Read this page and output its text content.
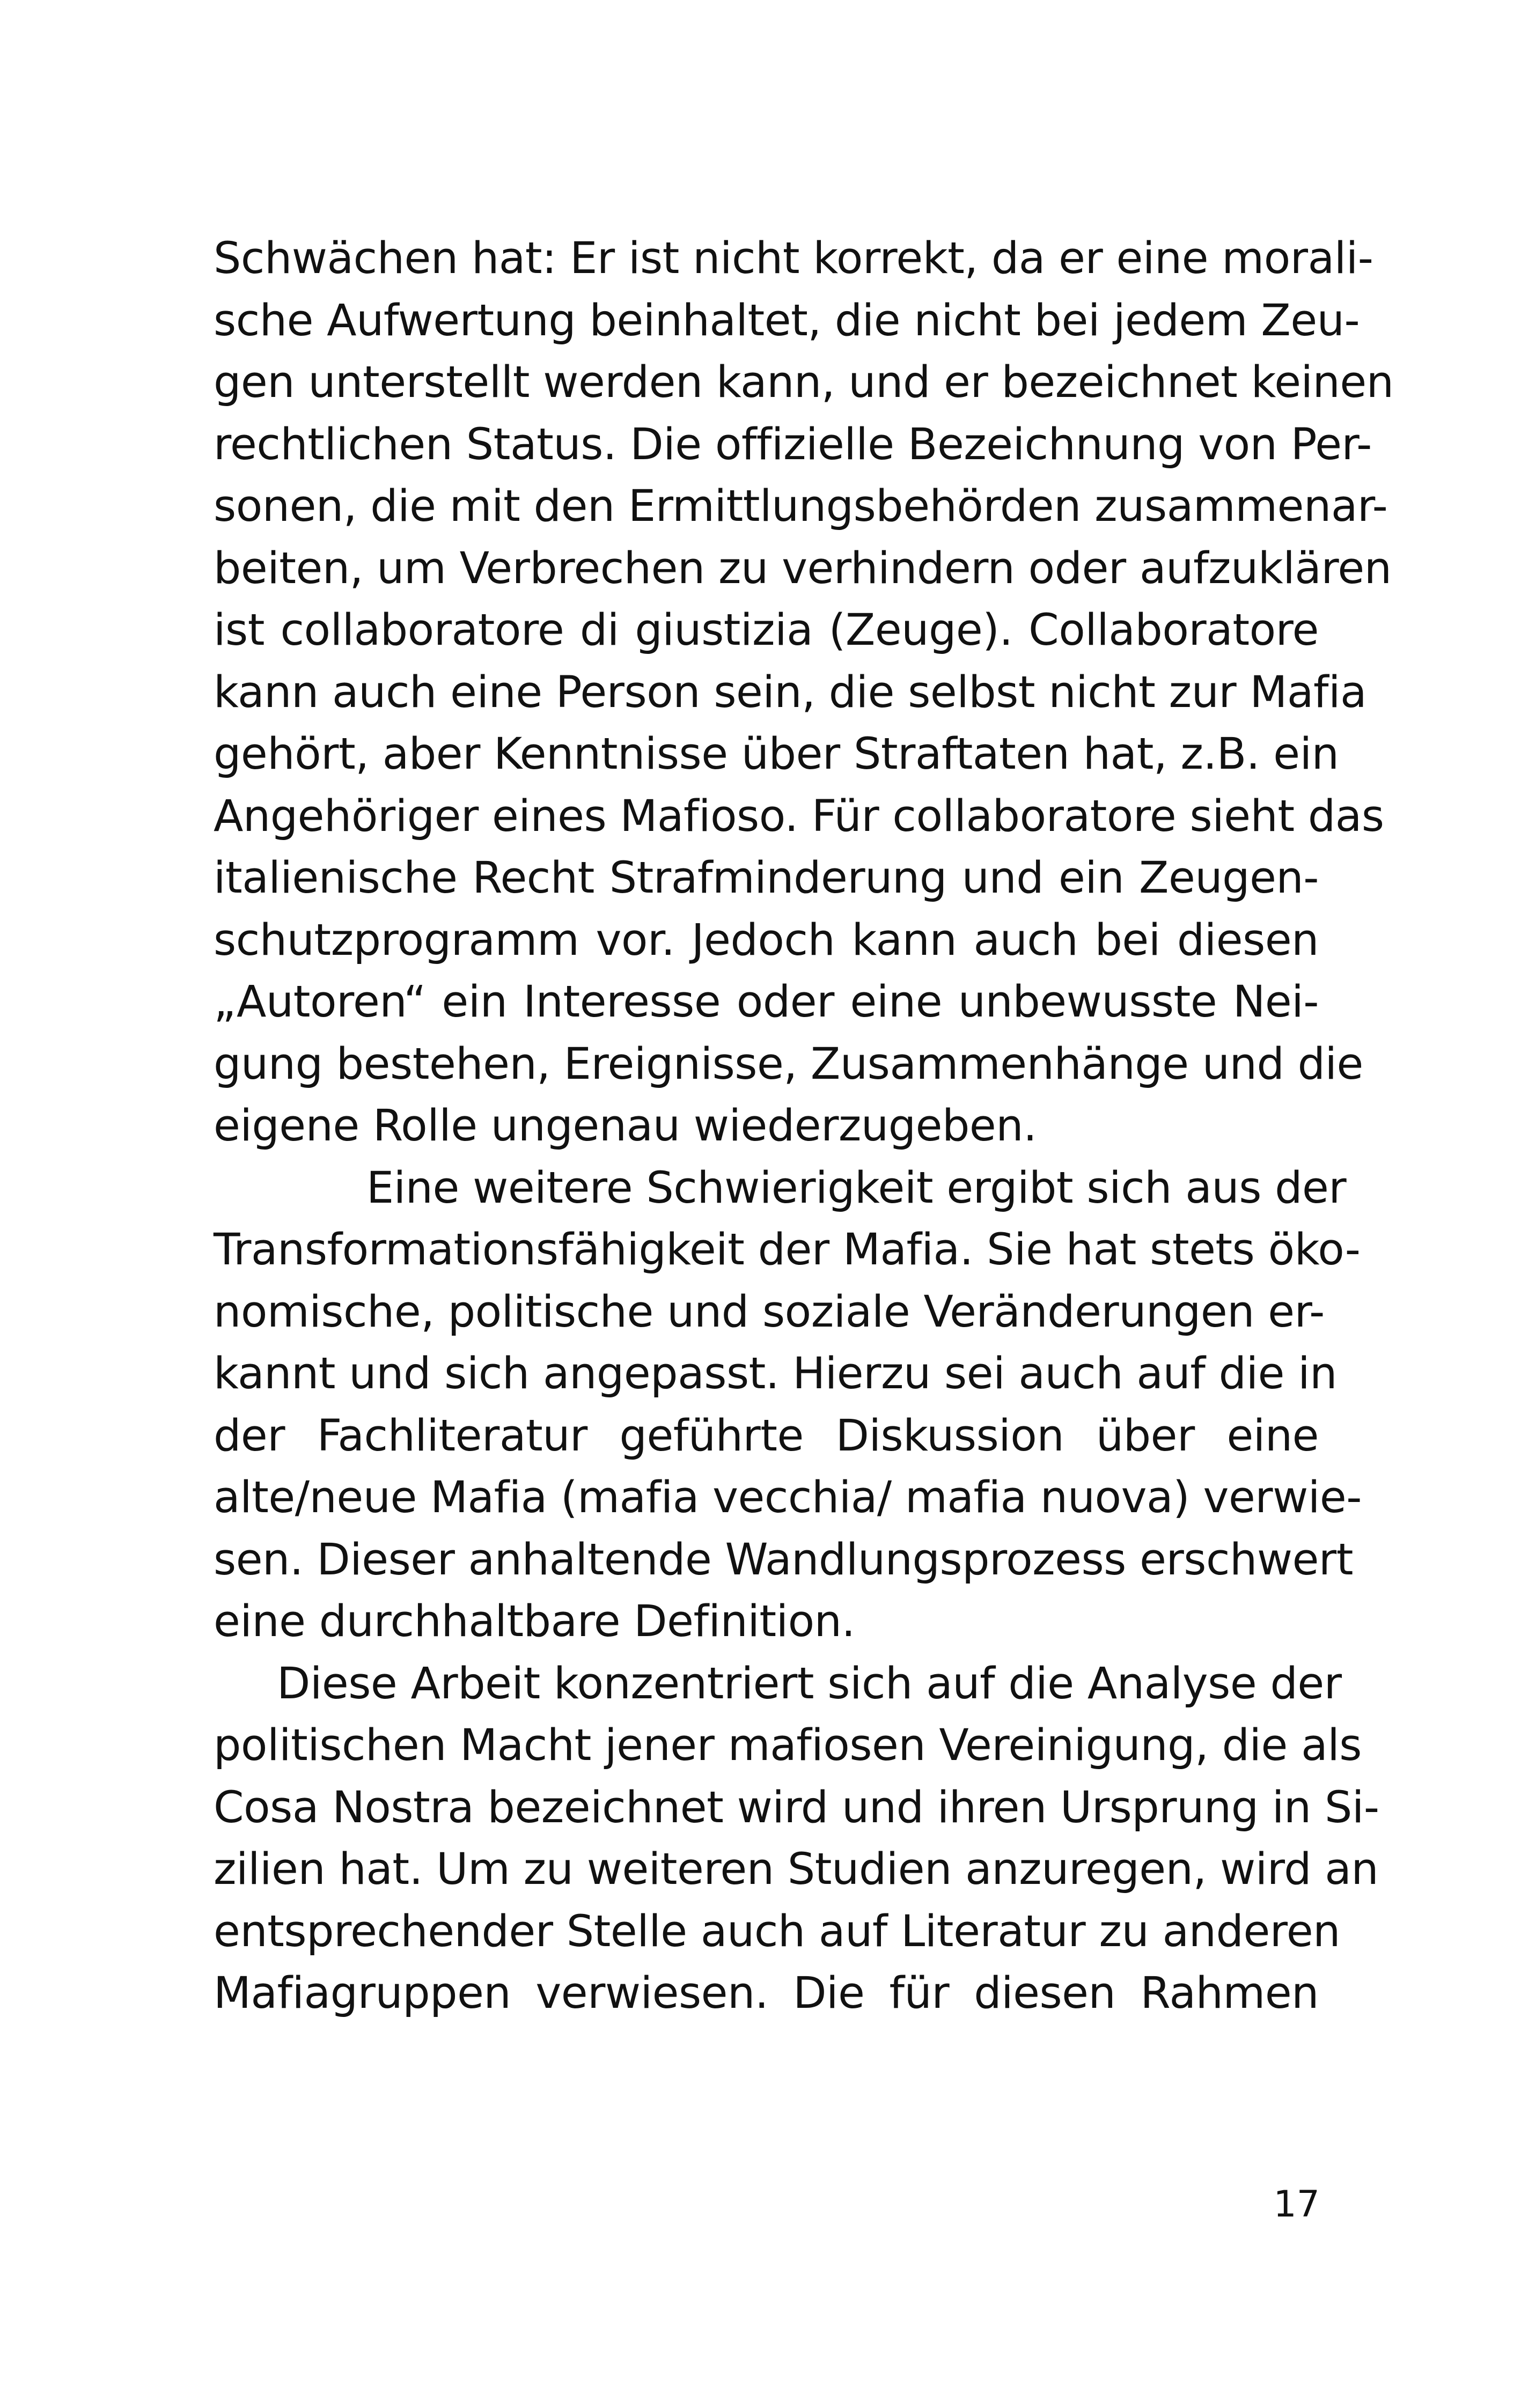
Schwächen hat: Er ist nicht korrekt, da er eine morali-
sche Aufwertung beinhaltet, die nicht bei jedem Zeu-
gen unterstellt werden kann, und er bezeichnet keinen
rechtlichen Status. Die offizielle Bezeichnung von Per-
sonen, die mit den Ermittlungsbehörden zusammenar-
beiten, um Verbrechen zu verhindern oder aufzuklären
ist collaboratore di giustizia (Zeuge). Collaboratore
kann auch eine Person sein, die selbst nicht zur Mafia
gehört, aber Kenntnisse über Straftaten hat, z.B. ein
Angehöriger eines Mafioso. Für collaboratore sieht das
italienische Recht Strafminderung und ein Zeugen-
schutzprogramm vor. Jedoch kann auch bei diesen
„Autoren“ ein Interesse oder eine unbewusste Nei-
gung bestehen, Ereignisse, Zusammenhänge und die
eigene Rolle ungenau wiederzugeben.
Eine weitere Schwierigkeit ergibt sich aus der
Transformationsfähigkeit der Mafia. Sie hat stets öko-
nomische, politische und soziale Veränderungen er-
kannt und sich angepasst. Hierzu sei auch auf die in
der Fachliteratur geführte Diskussion über eine
alte/neue Mafia (mafia vecchia/ mafia nuova) verwie-
sen. Dieser anhaltende Wandlungsprozess erschwert
eine durchhaltbare Definition.
Diese Arbeit konzentriert sich auf die Analyse der
politischen Macht jener mafiosen Vereinigung, die als
Cosa Nostra bezeichnet wird und ihren Ursprung in Si-
zilien hat. Um zu weiteren Studien anzuregen, wird an
entsprechender Stelle auch auf Literatur zu anderen
Mafiagruppen verwiesen. Die für diesen Rahmen
17
